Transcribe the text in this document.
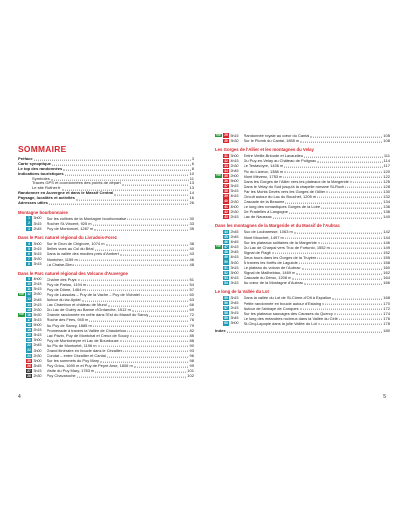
SOMMAIRE
Préface	3
Carte synoptique	6
Le top des randonnées	8
Indications touristiques	10
Symboles	11
Traces GPS et coordonnées des points de départ	13
Le site Rother.fr	13
Randonner en Auvergne et dans le Massif Central	14
Paysage, localités et activités	16
Adresses utiles	26
Montagne bourbonnaise
1	3h00	Sur les collines de la Montagne bourbonnaise	30
2	3h15	Rocher St-Vincent, 925 m	33
3	2h45	Puy de Montoncel, 1287 m	35
Dans le Parc naturel régional du Livradois-Forez
4	3h00	Sur le Grun de Chignore, 1074 m	38
5	2h15	Belles vues au Col du Béal	40
6	3h15	Dans la vallée des moulins près d'Ambert	43
7	3h30	Montcher, 1159 m	46
8	3h15	La Chaise-Dieu	48
Dans le Parc naturel régional des Volcans d'Auvergne
9	4h00	Chaîne des Puys	51
10 2h15	Puy de Pariou, 1194 m	54
11 3h15	Puy de Dôme, 1464 m	57
TOP	12 2h30	Puy de Lassolas – Puy de la Vache – Puy de Vichatel	60
13 2h45	Autour du lac Aydat	63
14 2h15	Lac Chambon et château de Murol	66
15 2h30	Du Lac de Guéry au Banne d'Ordanche, 1512 m	69
TOP	16 5h30	Grande randonnée en crête dans l'Est du Massif du Sancy	72
17 3h15	Roche des Fées, 945 m	76
18 5h00	Au Puy de Sancy, 1885 m	79
19 2h15	Promenade à travers la Vallée de Chaudefour	82
20 3h15	Lac Pavin, Puy de Montchal et Creux de Soucy	85
21 3h00	Puy de Montcineyre et Lac de Bourdouze	88
22 2h45	Au Pic de Montcelet, 1196 m	90
23 3h00	Grand itinéraire en boucle dans le Cézallier	93
24 2h30	Condat – entre Cézallier et Cantal	96
25 3h00	Sur les sommets du Puy Mary	98
26 3h45	Puy Griou, 1690 m et Puy de Peyre Arse, 1806 m	99
27 3h15	Visite du Puy Mary, 1783 m	101
28 2h30	Puy Chavaroche	102
TOP	29 5h15	Randonnée royale au cœur du Cantal	105
30 3h30	Sur le Plomb du Cantal, 1855 m	108
Les Gorges de l'Allier et les montagnes du Velay
31 3h00	Entre Vieille-Brioude et Lavaudieu	111
32 4h15	Du Puy-en-Velay au Château de Polignac	114
33 2h30	Le Testavoyre, 1436 m	117
34 2h45	Pic du Lizieux, 1388 m	120
TOP	35 2h00	Mont Mézenc, 1753 m	122
36 5h00	Dans les Gorges de l'Allier vers les plateaux de la Margeride	125
37 3h15	Dans le Velay du Sud jusqu'à la chapelle romane St-Roch	128
38 3h15	Par les Monts Devès vers les Gorges de l'Allier	130
39 4h15	Circuit autour du Lac du Bouchet, 1205 m	132
40 2h30	Cascade de la Beaume	134
41 4h00	Le long des romantiques Gorges de la Loire	136
42 2h30	De Pradelles à Langogne	138
43 2h15	Lac de Naussac	140
Dans les montagnes de la Margeride et du Massif de l'Aubrac
44 2h45	Suc de Loubaresse, 1063 m	142
45 2h45	Mont Mouchet, 1497 m	144
46 4h45	Sur les plateaux solitaires de la Margeride	146
TOP	47 4h15	Du Lac de Charpal vers Truc de Fortunio, 1552 m	149
48 2h45	Signal de Flagit	152
49 4h15	Deux tours dans les Gorges de la Truyère	155
50 3h30	À travers les forêts de Laguiole	158
51 3h15	Le plateau du volcan de l'Aubrac	160
52 3h00	Signal de Mailhebiau, 1469 m	162
53 4h15	Cascade du Déroc, 1208 m	164
54 3h15	Au cœur de la Montagne d'Aubrac	166
Le long de la Vallée du Lot
55 3h15	Dans la vallée du Lot de St-Côme-d'Olt à Espalion	168
56 2h45	Petite randonnée en boucle autour d'Estaing	170
57 2h15	Autour de l'abbaye de Conques	172
58 3h15	Sur les plateaux sauvages des Causses du Quercy	174
59 3h45	Le long des méandres rocheux dans la Vallée du Célé	176
60 3h00	St-Cirq-Lapopie dans la jolie Vallée du Lot	178
Index	180
4	5
